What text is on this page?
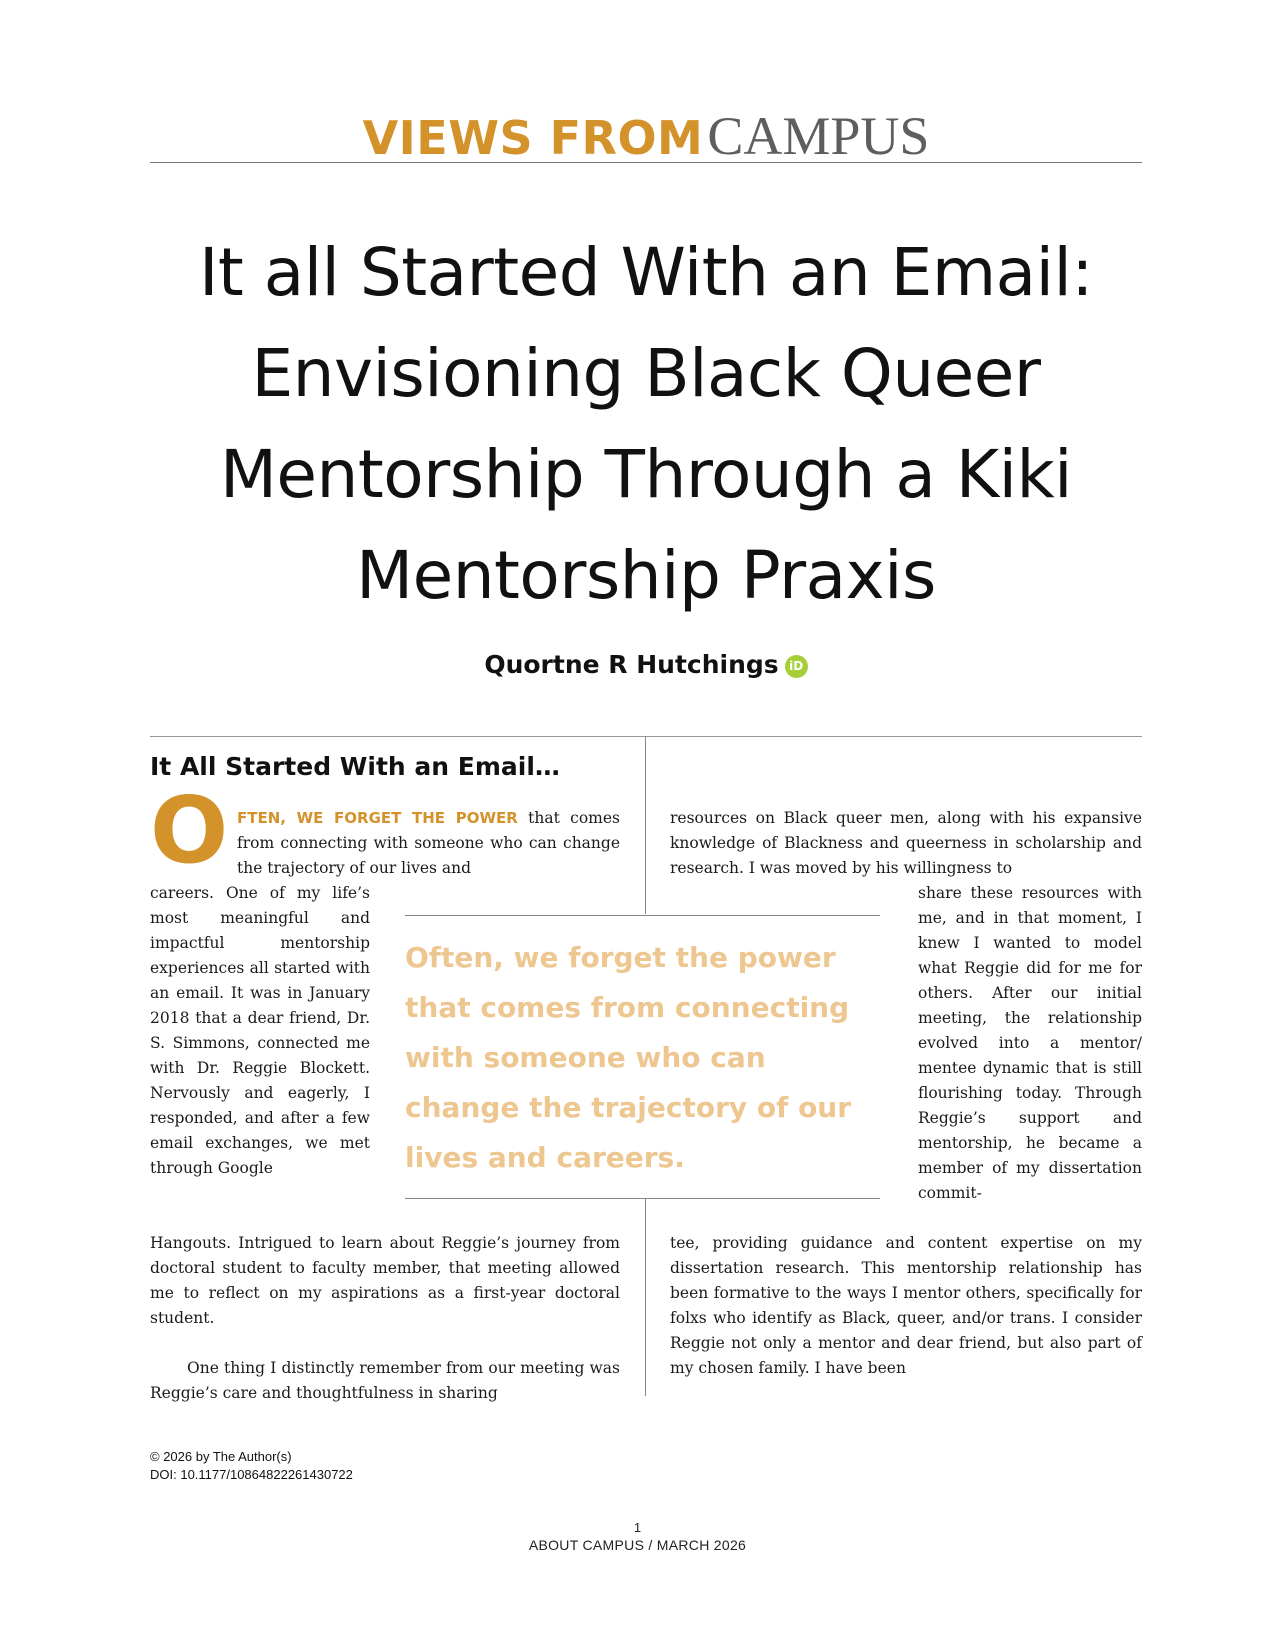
VIEWS FROM CAMPUS
It all Started With an Email: Envisioning Black Queer Mentorship Through a Kiki Mentorship Praxis
Quortne R Hutchings iD
It All Started With an Email…
O FTEN, WE FORGET THE POWER that comes from connecting with someone who can change the trajectory of our lives and

careers. One of my life’s most meaningful and impactful mentorship experiences all started with an email. It was in January 2018 that a dear friend, Dr. S. Simmons, connected me with Dr. Reggie Blockett. Nervously and eagerly, I responded, and after a few email exchanges, we met through Google

Hangouts. Intrigued to learn about Reggie’s journey from doctoral student to faculty member, that meeting allowed me to reflect on my aspirations as a first-year doctoral student.

One thing I distinctly remember from our meeting was Reggie’s care and thoughtfulness in sharing

resources on Black queer men, along with his expansive knowledge of Blackness and queerness in scholarship and research. I was moved by his willingness to

share these resources with me, and in that moment, I knew I wanted to model what Reggie did for me for others. After our initial meeting, the relationship evolved into a mentor/ mentee dynamic that is still flourishing today. Through Reggie’s support and mentorship, he became a member of my dissertation commit-

tee, providing guidance and content expertise on my dissertation research. This mentorship relationship has been formative to the ways I mentor others, specifically for folxs who identify as Black, queer, and/or trans. I consider Reggie not only a mentor and dear friend, but also part of my chosen family. I have been

Often, we forget the power that comes from connecting with someone who can change the trajectory of our lives and careers.

© 2026 by The Author(s)
DOI: 10.1177/10864822261430722
1
ABOUT CAMPUS / MARCH 2026
